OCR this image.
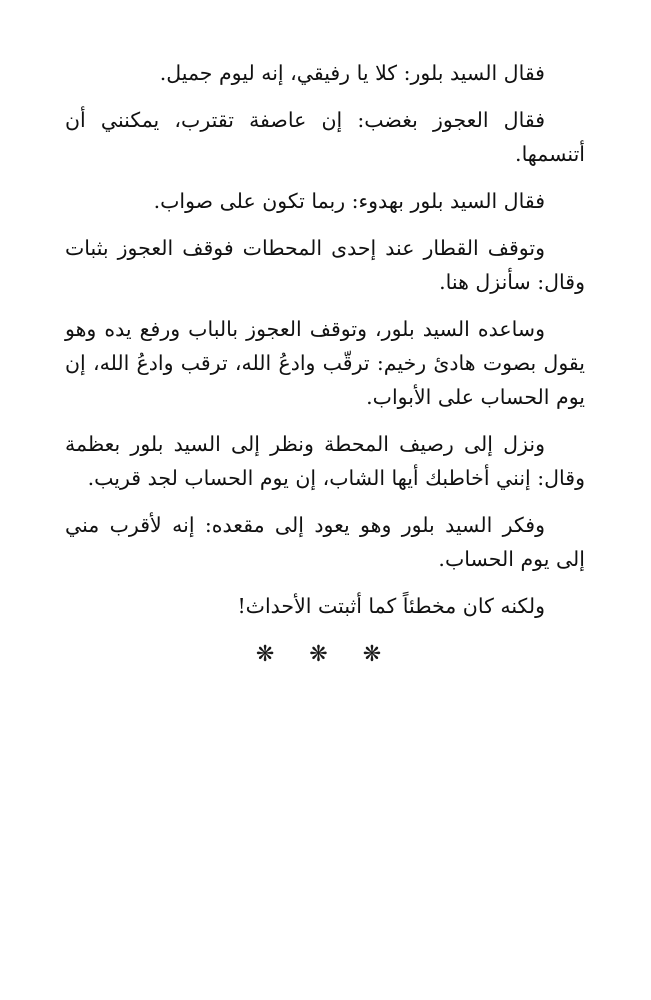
فقال السيد بلور: كلا يا رفيقي، إنه ليوم جميل.

فقال العجوز بغضب: إن عاصفة تقترب، يمكنني أن أتنسمها.

فقال السيد بلور بهدوء: ربما تكون على صواب.

وتوقف القطار عند إحدى المحطات فوقف العجوز بثبات وقال: سأنزل هنا.

وساعده السيد بلور، وتوقف العجوز بالباب ورفع يده وهو يقول بصوت هادئ رخيم: ترقّب وادعُ الله، ترقب وادعُ الله، إن يوم الحساب على الأبواب.

ونزل إلى رصيف المحطة ونظر إلى السيد بلور بعظمة وقال: إنني أخاطبك أيها الشاب، إن يوم الحساب لجد قريب.

وفكر السيد بلور وهو يعود إلى مقعده: إنه لأقرب مني إلى يوم الحساب.

ولكنه كان مخطئاً كما أثبتت الأحداث!

❋ ❋ ❋
